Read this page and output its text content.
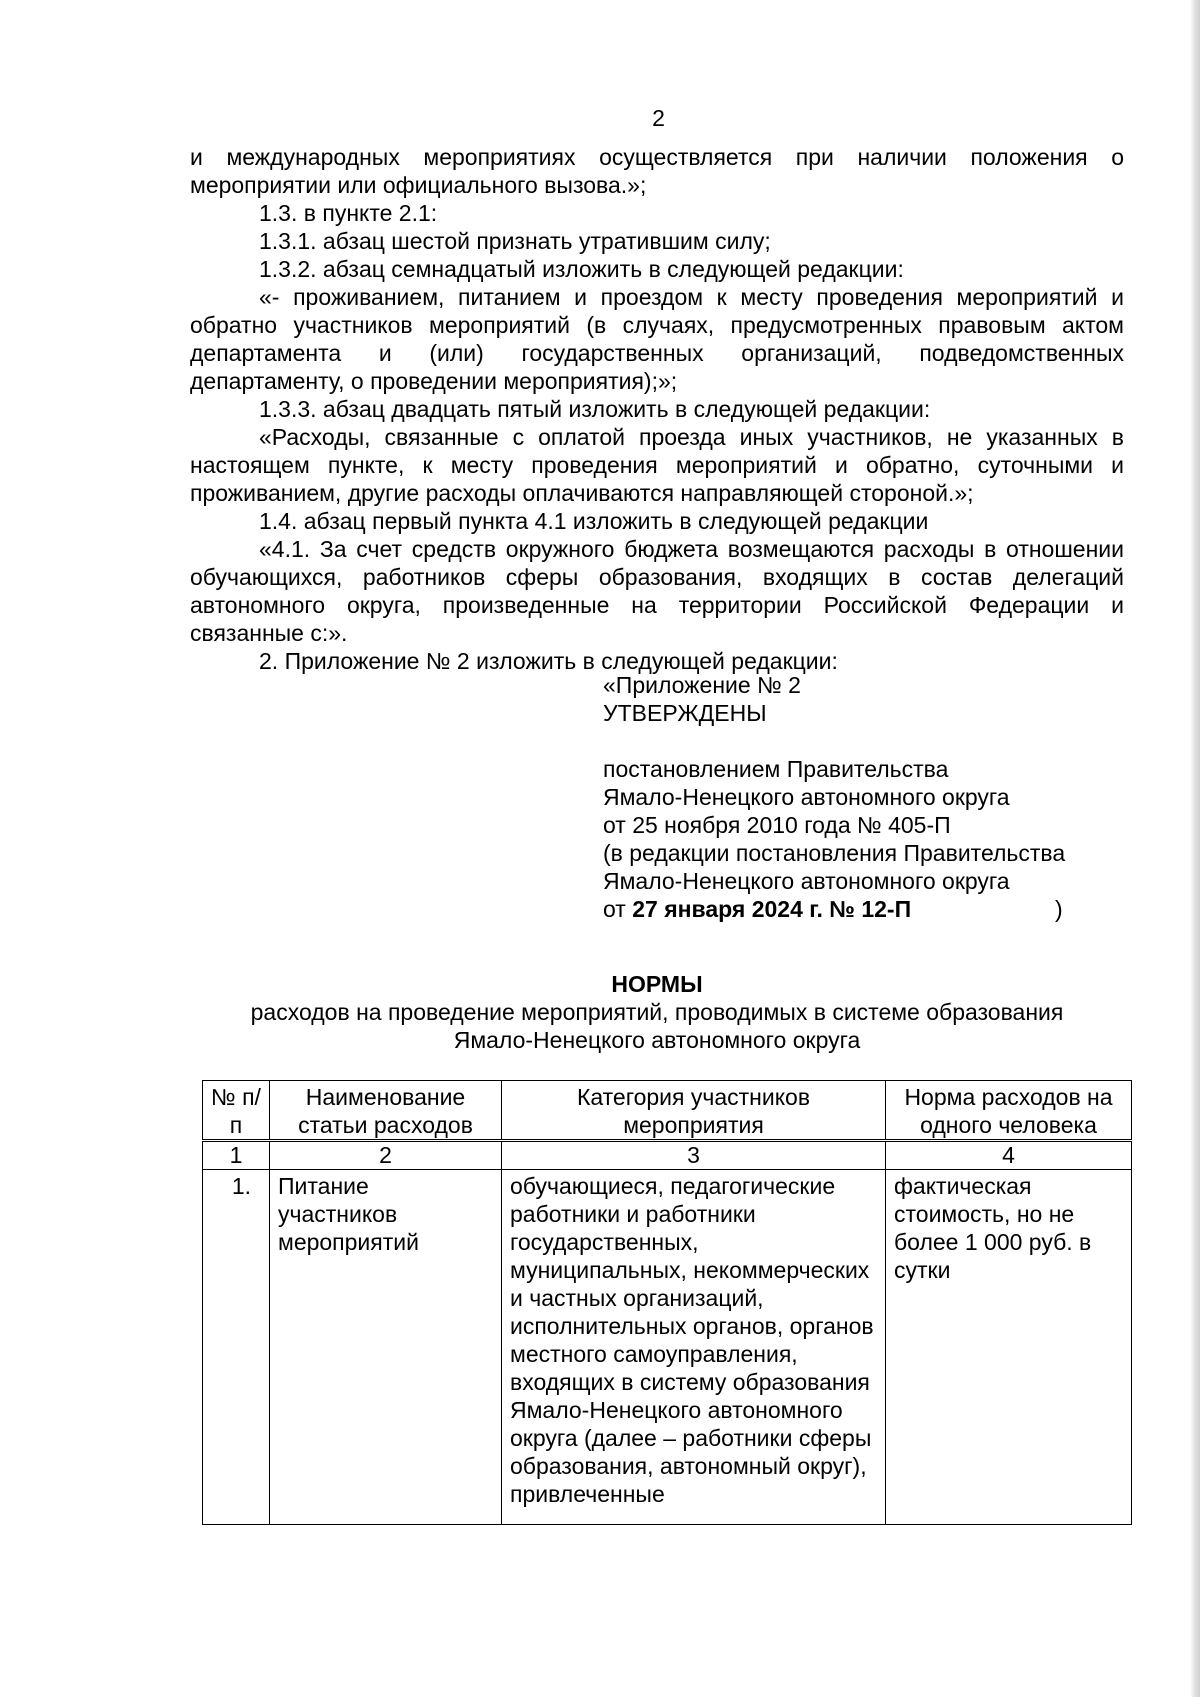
2

и международных мероприятиях осуществляется при наличии положения о мероприятии или официального вызова.»;

1.3. в пункте 2.1:

1.3.1. абзац шестой признать утратившим силу;

1.3.2. абзац семнадцатый изложить в следующей редакции:

«- проживанием, питанием и проездом к месту проведения мероприятий и обратно участников мероприятий (в случаях, предусмотренных правовым актом департамента и (или) государственных организаций, подведомственных департаменту, о проведении мероприятия);»;

1.3.3. абзац двадцать пятый изложить в следующей редакции:

«Расходы, связанные с оплатой проезда иных участников, не указанных в настоящем пункте, к месту проведения мероприятий и обратно, суточными и проживанием, другие расходы оплачиваются направляющей стороной.»;

1.4. абзац первый пункта 4.1 изложить в следующей редакции

«4.1. За счет средств окружного бюджета возмещаются расходы в отношении обучающихся, работников сферы образования, входящих в состав делегаций автономного округа, произведенные на территории Российской Федерации и связанные с:».

2. Приложение № 2 изложить в следующей редакции:

«Приложение № 2
УТВЕРЖДЕНЫ
постановлением Правительства
Ямало-Ненецкого автономного округа
от 25 ноября 2010 года № 405-П
(в редакции постановления Правительства
Ямало-Ненецкого автономного округа
от 27 января 2024 г. № 12-П	)
НОРМЫ
расходов на проведение мероприятий, проводимых в системе образования
Ямало-Ненецкого автономного округа
№ п/п	Наименование статьи расходов	Категория участников мероприятия	Норма расходов на одного человека
1	2	3	4
1.	Питание участников мероприятий	обучающиеся, педагогические работники и работники государственных, муниципальных, некоммерческих и частных организаций, исполнительных органов, органов местного самоуправления, входящих в систему образования Ямало-Ненецкого автономного округа (далее – работники сферы образования, автономный округ), привлеченные	фактическая стоимость, но не более 1 000 руб. в сутки
